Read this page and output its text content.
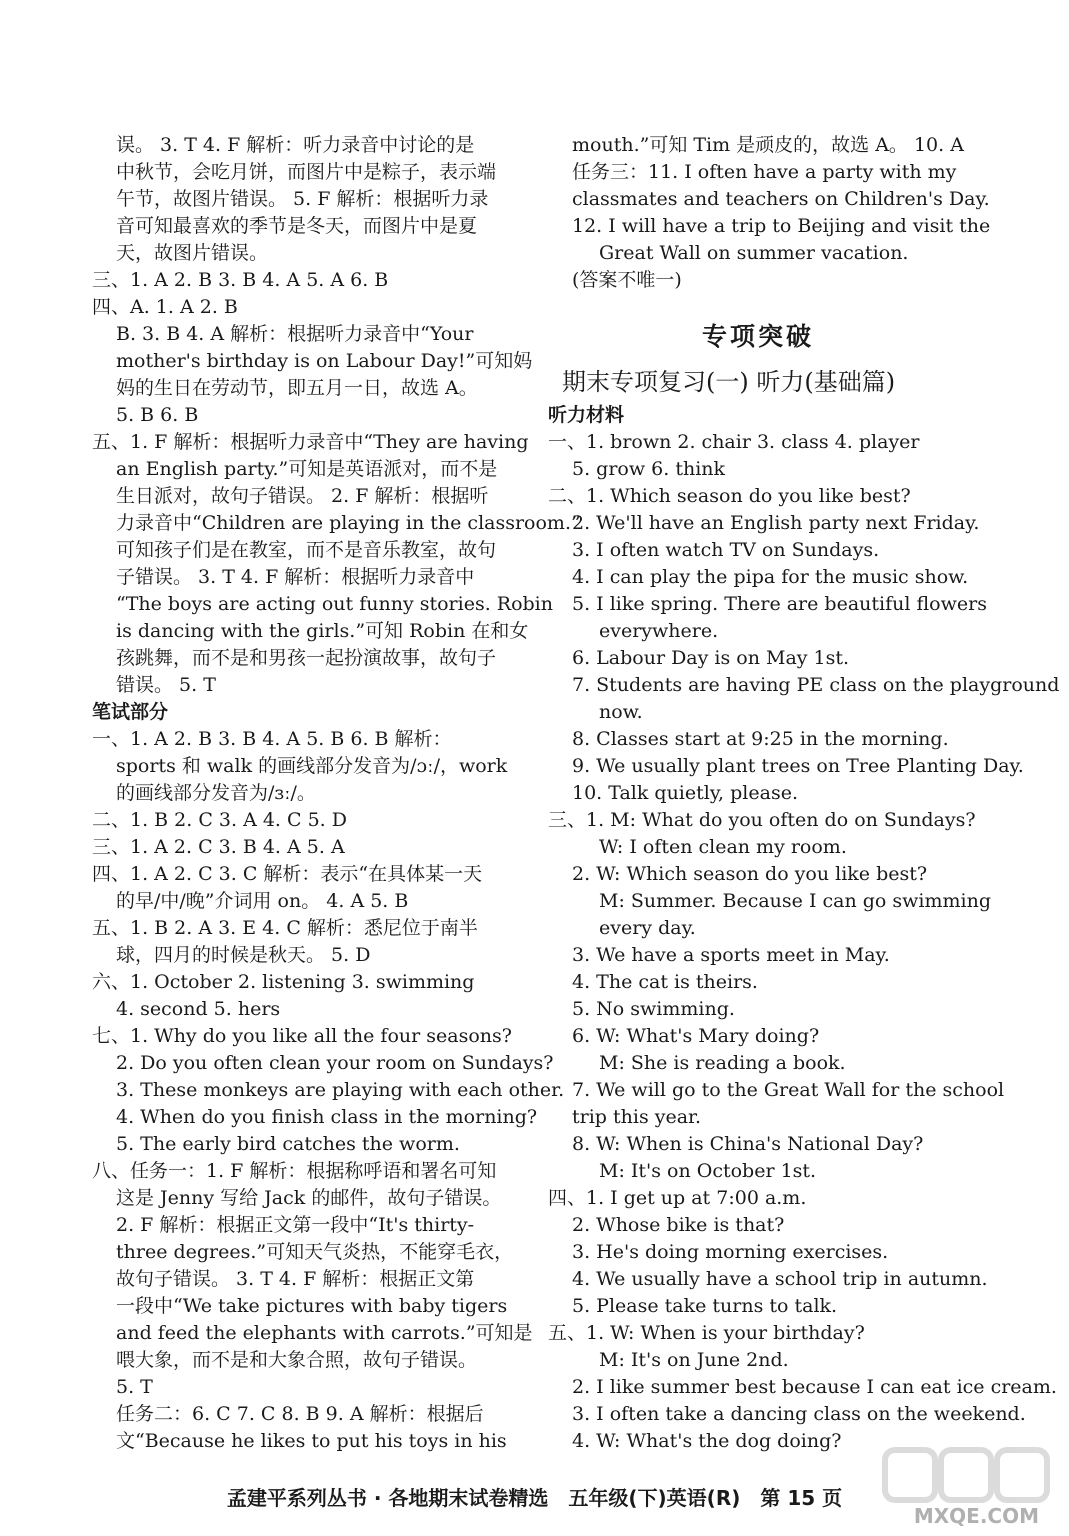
误。 3. T 4. F 解析：听力录音中讨论的是
中秋节，会吃月饼，而图片中是粽子，表示端
午节，故图片错误。 5. F 解析：根据听力录
音可知最喜欢的季节是冬天，而图片中是夏
天，故图片错误。
三、1. A 2. B 3. B 4. A 5. A 6. B
四、A. 1. A 2. B
B. 3. B 4. A 解析：根据听力录音中“Your
mother's birthday is on Labour Day!”可知妈
妈的生日在劳动节，即五月一日，故选 A。
5. B 6. B
五、1. F 解析：根据听力录音中“They are having
an English party.”可知是英语派对，而不是
生日派对，故句子错误。 2. F 解析：根据听
力录音中“Children are playing in the classroom.”
可知孩子们是在教室，而不是音乐教室，故句
子错误。 3. T 4. F 解析：根据听力录音中
“The boys are acting out funny stories. Robin
is dancing with the girls.”可知 Robin 在和女
孩跳舞，而不是和男孩一起扮演故事，故句子
错误。 5. T
笔试部分
一、1. A 2. B 3. B 4. A 5. B 6. B 解析：
sports 和 walk 的画线部分发音为/ɔː/，work
的画线部分发音为/ɜː/。
二、1. B 2. C 3. A 4. C 5. D
三、1. A 2. C 3. B 4. A 5. A
四、1. A 2. C 3. C 解析：表示“在具体某一天
的早/中/晚”介词用 on。 4. A 5. B
五、1. B 2. A 3. E 4. C 解析：悉尼位于南半
球，四月的时候是秋天。 5. D
六、1. October 2. listening 3. swimming
4. second 5. hers
七、1. Why do you like all the four seasons?
2. Do you often clean your room on Sundays?
3. These monkeys are playing with each other.
4. When do you finish class in the morning?
5. The early bird catches the worm.
八、任务一：1. F 解析：根据称呼语和署名可知
这是 Jenny 写给 Jack 的邮件，故句子错误。
2. F 解析：根据正文第一段中“It's thirty-
three degrees.”可知天气炎热，不能穿毛衣，
故句子错误。 3. T 4. F 解析：根据正文第
一段中“We take pictures with baby tigers
and feed the elephants with carrots.”可知是
喂大象，而不是和大象合照，故句子错误。
5. T
任务二：6. C 7. C 8. B 9. A 解析：根据后
文“Because he likes to put his toys in his
mouth.”可知 Tim 是顽皮的，故选 A。 10. A
任务三：11. I often have a party with my
classmates and teachers on Children's Day.
12. I will have a trip to Beijing and visit the
Great Wall on summer vacation.
(答案不唯一)
专项突破
期末专项复习(一) 听力(基础篇)
听力材料
一、1. brown 2. chair 3. class 4. player
5. grow 6. think
二、1. Which season do you like best?
2. We'll have an English party next Friday.
3. I often watch TV on Sundays.
4. I can play the pipa for the music show.
5. I like spring. There are beautiful flowers
everywhere.
6. Labour Day is on May 1st.
7. Students are having PE class on the playground
now.
8. Classes start at 9:25 in the morning.
9. We usually plant trees on Tree Planting Day.
10. Talk quietly, please.
三、1. M: What do you often do on Sundays?
W: I often clean my room.
2. W: Which season do you like best?
M: Summer. Because I can go swimming
every day.
3. We have a sports meet in May.
4. The cat is theirs.
5. No swimming.
6. W: What's Mary doing?
M: She is reading a book.
7. We will go to the Great Wall for the school
trip this year.
8. W: When is China's National Day?
M: It's on October 1st.
四、1. I get up at 7:00 a.m.
2. Whose bike is that?
3. He's doing morning exercises.
4. We usually have a school trip in autumn.
5. Please take turns to talk.
五、1. W: When is your birthday?
M: It's on June 2nd.
2. I like summer best because I can eat ice cream.
3. I often take a dancing class on the weekend.
4. W: What's the dog doing?
孟建平系列丛书 · 各地期末试卷精选　五年级(下)英语(R)　第 15 页
MXQE.COM
